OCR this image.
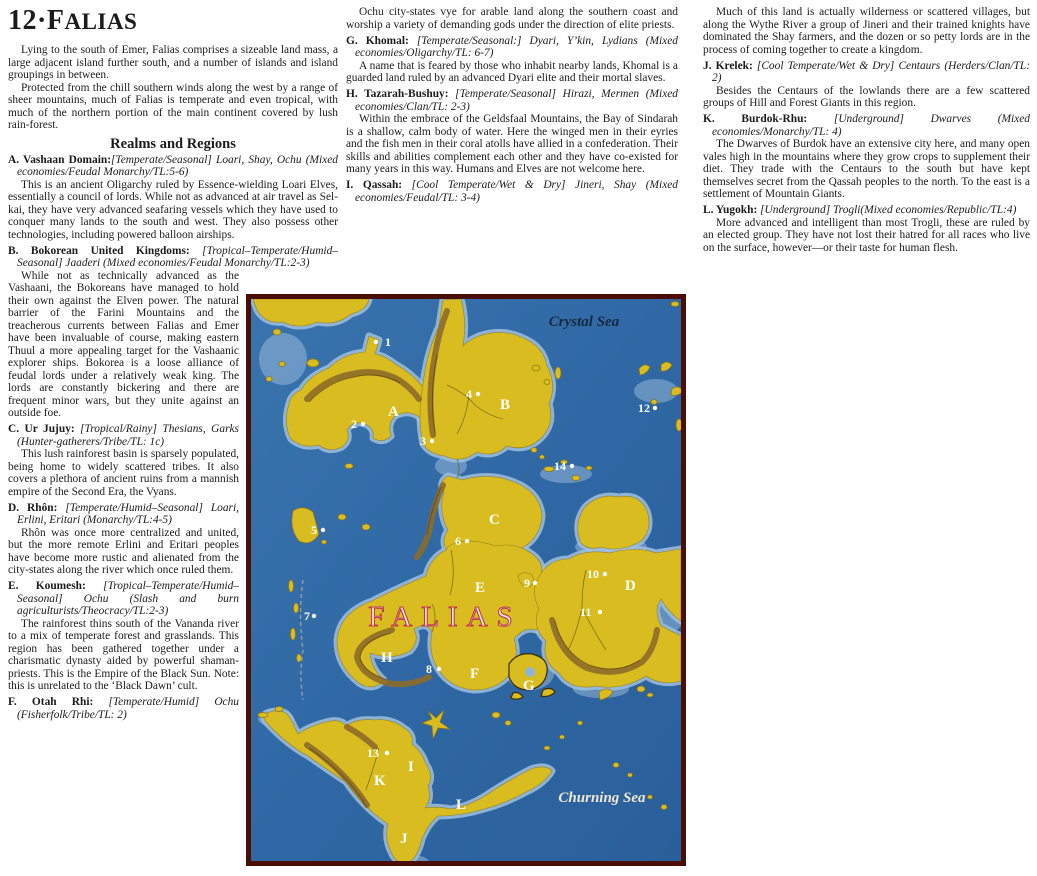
12·FALIAS

Lying to the south of Emer, Falias comprises a sizeable land mass, a large adjacent island further south, and a number of islands and island groupings in between.

Protected from the chill southern winds along the west by a range of sheer mountains, much of Falias is temperate and even tropical, with much of the northern portion of the main continent covered by lush rain-forest.

Realms and Regions

A. Vashaan Domain:[Temperate/Seasonal] Loari, Shay, Ochu (Mixed economies/Feudal Monarchy/TL:5-6)

This is an ancient Oligarchy ruled by Essence-wielding Loari Elves, essentially a council of lords. While not as advanced at air travel as Sel-kai, they have very advanced seafaring vessels which they have used to conquer many lands to the south and west. They also possess other technologies, including powered balloon airships.

B. Bokorean United Kingdoms: [Tropical–Temperate/Humid–Seasonal] Jaaderi (Mixed economies/Feudal Monarchy/TL:2-3)

While not as technically advanced as the Vashaani, the Bokoreans have managed to hold their own against the Elven power. The natural barrier of the Farini Mountains and the treacherous currents between Falias and Emer have been invaluable of course, making eastern Thuul a more appealing target for the Vashaanic explorer ships. Bokorea is a loose alliance of feudal lords under a relatively weak king. The lords are constantly bickering and there are frequent minor wars, but they unite against an outside foe.

C. Ur Jujuy: [Tropical/Rainy] Thesians, Garks (Hunter-gatherers/Tribe/TL: 1c)

This lush rainforest basin is sparsely populated, being home to widely scattered tribes. It also covers a plethora of ancient ruins from a mannish empire of the Second Era, the Vyans.

D. Rhôn: [Temperate/Humid–Seasonal] Loari, Erlini, Eritari (Monarchy/TL:4-5)

Rhôn was once more centralized and united, but the more remote Erlini and Eritari peoples have become more rustic and alienated from the city-states along the river which once ruled them.

E. Koumesh: [Tropical–Temperate/Humid–Seasonal] Ochu (Slash and burn agriculturists/Theocracy/TL:2-3)

The rainforest thins south of the Vananda river to a mix of temperate forest and grasslands. This region has been gathered together under a charismatic dynasty aided by powerful shaman-priests. This is the Empire of the Black Sun. Note: this is unrelated to the ‘Black Dawn’ cult.

F. Otah Rhi: [Temperate/Humid] Ochu (Fisherfolk/Tribe/TL: 2)

Ochu city-states vye for arable land along the southern coast and worship a variety of demanding gods under the direction of elite priests.

G. Khomal: [Temperate/Seasonal:] Dyari, Y’kin, Lydians (Mixed economies/Oligarchy/TL: 6-7)

A name that is feared by those who inhabit nearby lands, Khomal is a guarded land ruled by an advanced Dyari elite and their mortal slaves.

H. Tazarah-Bushuy: [Temperate/Seasonal] Hirazi, Mermen (Mixed economies/Clan/TL: 2-3)

Within the embrace of the Geldsfaal Mountains, the Bay of Sindarah is a shallow, calm body of water. Here the winged men in their eyries and the fish men in their coral atolls have allied in a confederation. Their skills and abilities complement each other and they have co-existed for many years in this way. Humans and Elves are not welcome here.

I. Qassah: [Cool Temperate/Wet & Dry] Jineri, Shay (Mixed economies/Feudal/TL: 3-4)

Much of this land is actually wilderness or scattered villages, but along the Wythe River a group of Jineri and their trained knights have dominated the Shay farmers, and the dozen or so petty lords are in the process of coming together to create a kingdom.

J. Krelek: [Cool Temperate/Wet & Dry] Centaurs (Herders/Clan/TL: 2)

Besides the Centaurs of the lowlands there are a few scattered groups of Hill and Forest Giants in this region.

K. Burdok-Rhu: [Underground] Dwarves (Mixed economies/Monarchy/TL: 4)

The Dwarves of Burdok have an extensive city here, and many open vales high in the mountains where they grow crops to supplement their diet. They trade with the Centaurs to the south but have kept themselves secret from the Qassah peoples to the north. To the east is a settlement of Mountain Giants.

L. Yugokh: [Underground] Trogli(Mixed economies/Republic/TL:4)

More advanced and intelligent than most Trogli, these are ruled by an elected group. They have not lost their hatred for all races who live on the surface, however—or their taste for human flesh.

A	B
C
D
E
F
G
H
I
J
K
L
1
2
3
4
5
6
7
8
9
10
11
12
13
14
Crystal Sea
Churning Sea
FALIAS
